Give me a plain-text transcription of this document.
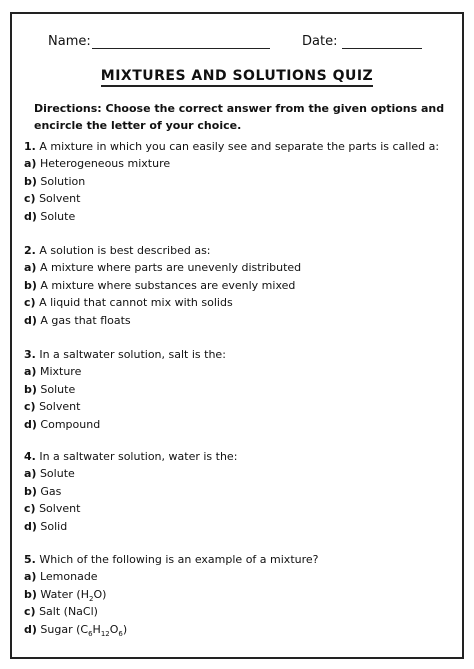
Name:	Date:
MIXTURES AND SOLUTIONS QUIZ
Directions: Choose the correct answer from the given options and encircle the letter of your choice.
1. A mixture in which you can easily see and separate the parts is called a:
a) Heterogeneous mixture
b) Solution
c) Solvent
d) Solute
2. A solution is best described as:
a) A mixture where parts are unevenly distributed
b) A mixture where substances are evenly mixed
c) A liquid that cannot mix with solids
d) A gas that floats
3. In a saltwater solution, salt is the:
a) Mixture
b) Solute
c) Solvent
d) Compound
4. In a saltwater solution, water is the:
a) Solute
b) Gas
c) Solvent
d) Solid
5. Which of the following is an example of a mixture?
a) Lemonade
b) Water $(H_2O)$
c) Salt (NaCl)
d) Sugar $(C_6H_{12}O_6)$
